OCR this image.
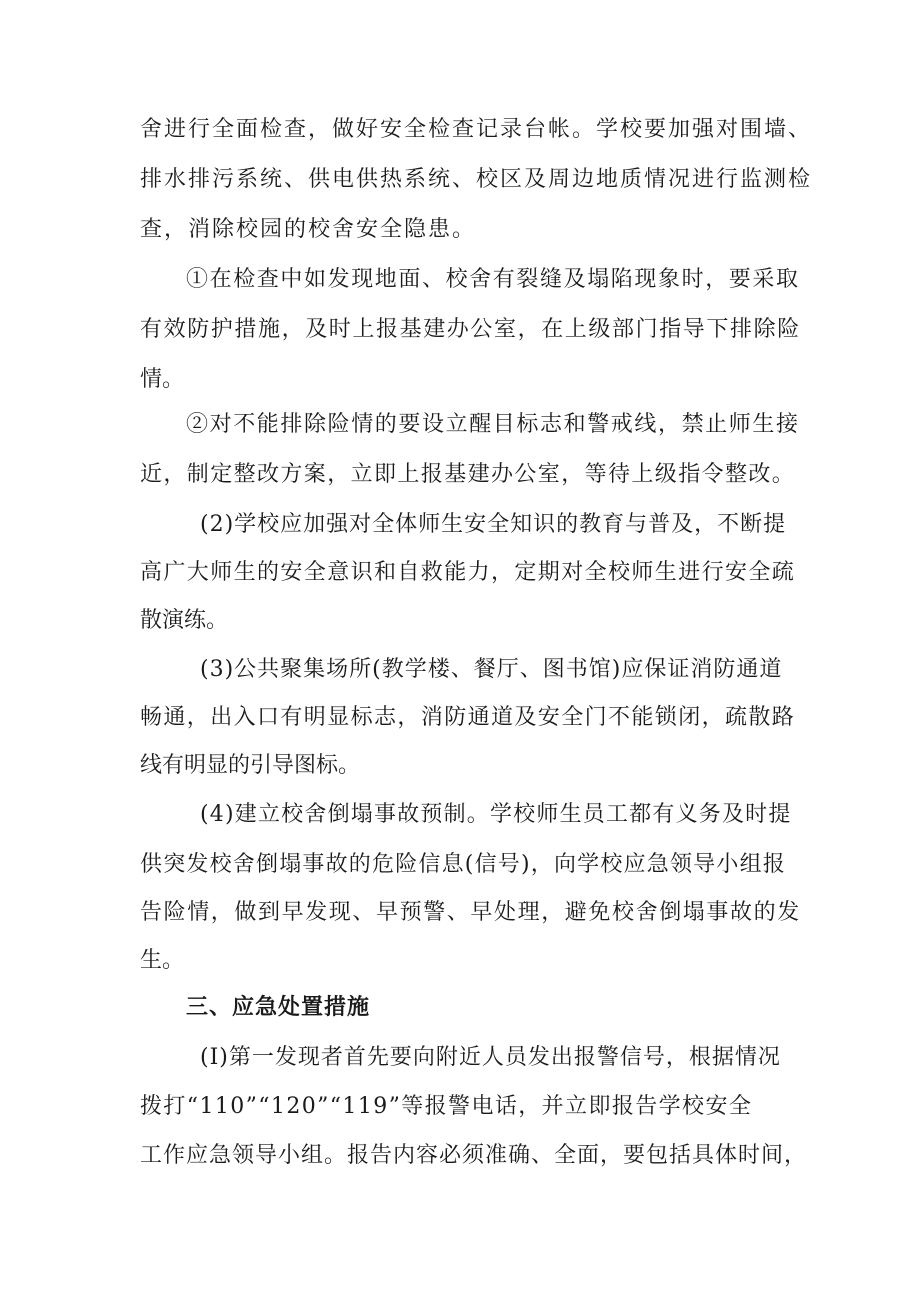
舍进行全面检查，做好安全检查记录台帐。学校要加强对围墙、

排水排污系统、供电供热系统、校区及周边地质情况进行监测检

查，消除校园的校舍安全隐患。

①在检查中如发现地面、校舍有裂缝及塌陷现象时，要采取

有效防护措施，及时上报基建办公室，在上级部门指导下排除险

情。

②对不能排除险情的要设立醒目标志和警戒线，禁止师生接

近，制定整改方案，立即上报基建办公室，等待上级指令整改。

(2)学校应加强对全体师生安全知识的教育与普及，不断提

高广大师生的安全意识和自救能力，定期对全校师生进行安全疏

散演练。

(3)公共聚集场所(教学楼、餐厅、图书馆)应保证消防通道

畅通，出入口有明显标志，消防通道及安全门不能锁闭，疏散路

线有明显的引导图标。

(4)建立校舍倒塌事故预制。学校师生员工都有义务及时提

供突发校舍倒塌事故的危险信息(信号)，向学校应急领导小组报

告险情，做到早发现、早预警、早处理，避免校舍倒塌事故的发

生。

三、应急处置措施

(I)第一发现者首先要向附近人员发出报警信号，根据情况

拨打“110”“120”“119”等报警电话，并立即报告学校安全

工作应急领导小组。报告内容必须准确、全面，要包括具体时间，
